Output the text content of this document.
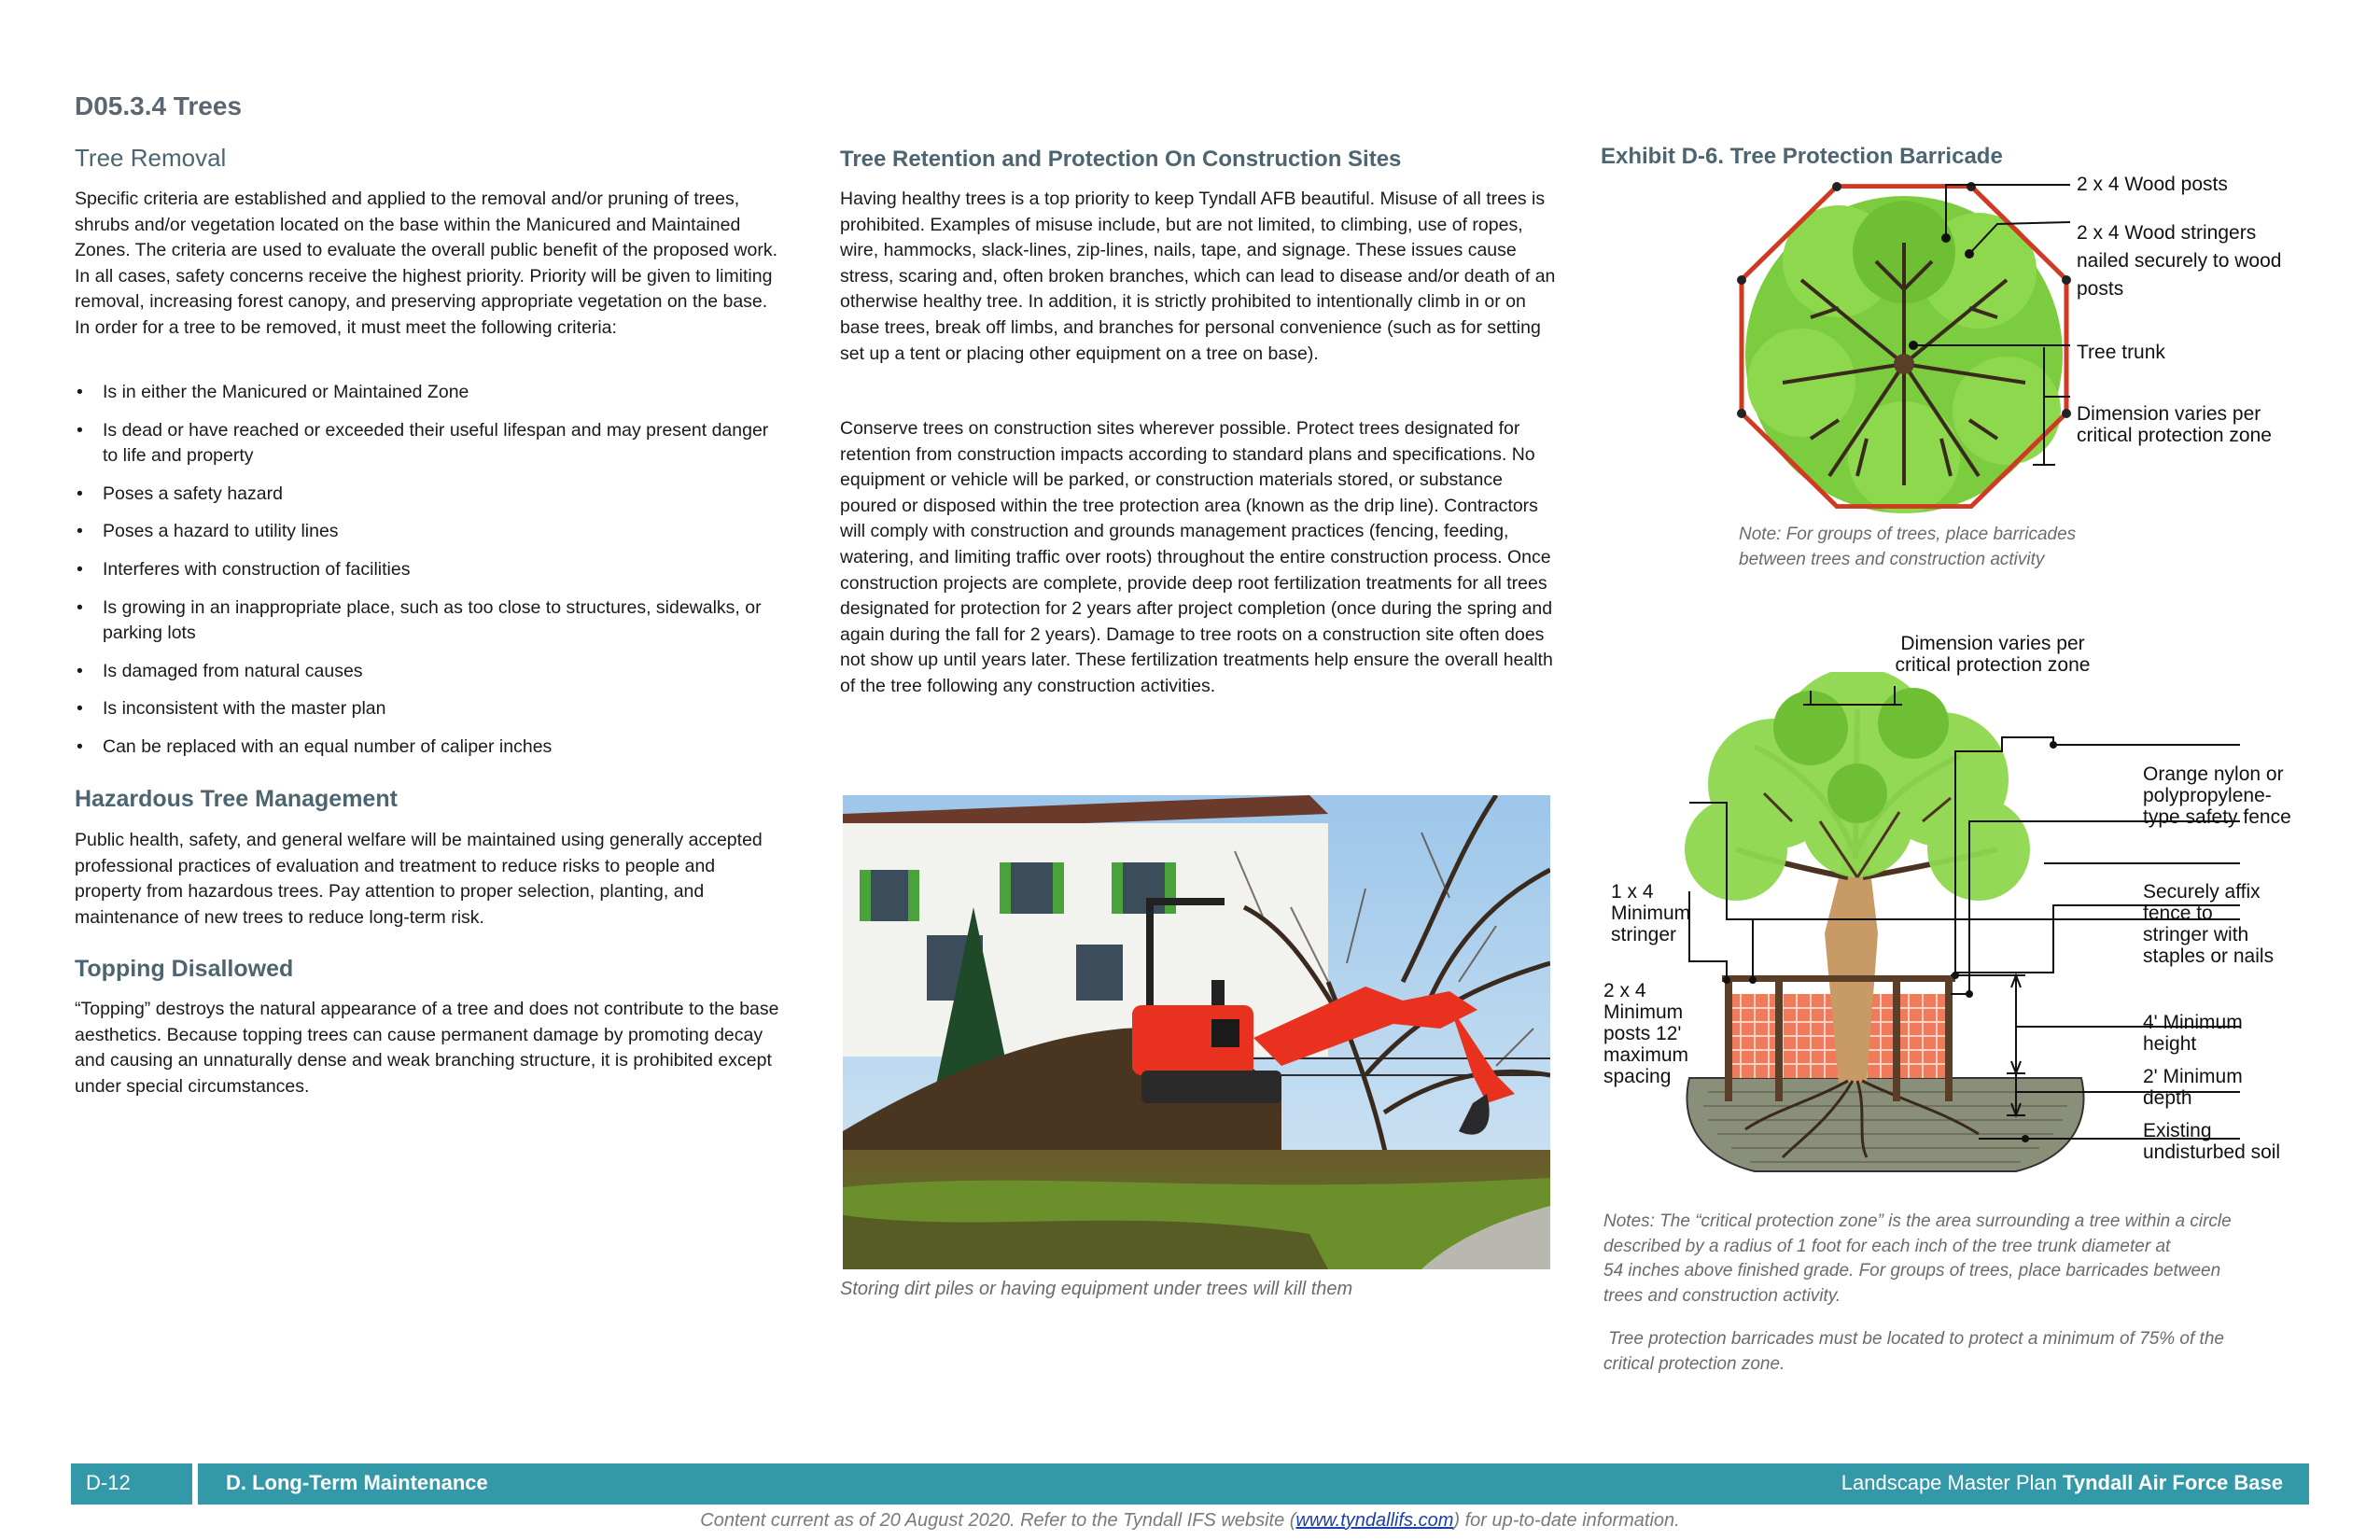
D05.3.4 Trees
Tree Removal

Specific criteria are established and applied to the removal and/or pruning of trees, shrubs and/or vegetation located on the base within the Manicured and Maintained Zones. The criteria are used to evaluate the overall public benefit of the proposed work. In all cases, safety concerns receive the highest priority. Priority will be given to limiting removal, increasing forest canopy, and preserving appropriate vegetation on the base. In order for a tree to be removed, it must meet the following criteria:

• Is in either the Manicured or Maintained Zone
• Is dead or have reached or exceeded their useful lifespan and may present danger to life and property
• Poses a safety hazard
• Poses a hazard to utility lines
• Interferes with construction of facilities
• Is growing in an inappropriate place, such as too close to structures, sidewalks, or parking lots
• Is damaged from natural causes
• Is inconsistent with the master plan
• Can be replaced with an equal number of caliper inches
Hazardous Tree Management

Public health, safety, and general welfare will be maintained using generally accepted professional practices of evaluation and treatment to reduce risks to people and property from hazardous trees. Pay attention to proper selection, planting, and maintenance of new trees to reduce long-term risk.

Topping Disallowed

“Topping” destroys the natural appearance of a tree and does not contribute to the base aesthetics. Because topping trees can cause permanent damage by promoting decay and causing an unnaturally dense and weak branching structure, it is prohibited except under special circumstances.

Tree Retention and Protection On Construction Sites

Having healthy trees is a top priority to keep Tyndall AFB beautiful. Misuse of all trees is prohibited. Examples of misuse include, but are not limited, to climbing, use of ropes, wire, hammocks, slack-lines, zip-lines, nails, tape, and signage. These issues cause stress, scaring and, often broken branches, which can lead to disease and/or death of an otherwise healthy tree. In addition, it is strictly prohibited to intentionally climb in or on base trees, break off limbs, and branches for personal convenience (such as for setting set up a tent or placing other equipment on a tree on base).

Conserve trees on construction sites wherever possible. Protect trees designated for retention from construction impacts according to standard plans and specifications. No equipment or vehicle will be parked, or construction materials stored, or substance poured or disposed within the tree protection area (known as the drip line). Contractors will comply with construction and grounds management practices (fencing, feeding, watering, and limiting traffic over roots) throughout the entire construction process. Once construction projects are complete, provide deep root fertilization treatments for all trees designated for protection for 2 years after project completion (once during the spring and again during the fall for 2 years). Damage to tree roots on a construction site often does not show up until years later. These fertilization treatments help ensure the overall health of the tree following any construction activities.

Storing dirt piles or having equipment under trees will kill them
Exhibit D-6. Tree Protection Barricade
2 x 4 Wood posts
2 x 4 Wood stringers
nailed securely to wood
posts
Tree trunk
Dimension varies per
critical protection zone
Note: For groups of trees, place barricades
between trees and construction activity
Dimension varies per
critical protection zone
Orange nylon or
polypropylene-
type safety fence
Securely affix
fence to
stringer with
staples or nails
1 x 4
Minimum
stringer
2 x 4
Minimum
posts 12'
maximum
spacing
4' Minimum
height
2' Minimum
depth
Existing
undisturbed soil
Notes: The “critical protection zone” is the area surrounding a tree within a circle
described by a radius of 1 foot for each inch of the tree trunk diameter at
54 inches above finished grade. For groups of trees, place barricades between
trees and construction activity.
Tree protection barricades must be located to protect a minimum of 75% of the
critical protection zone.
D-12	D. Long-Term Maintenance	Landscape Master Plan Tyndall Air Force Base
Content current as of 20 August 2020. Refer to the Tyndall IFS website (www.tyndallifs.com) for up-to-date information.
